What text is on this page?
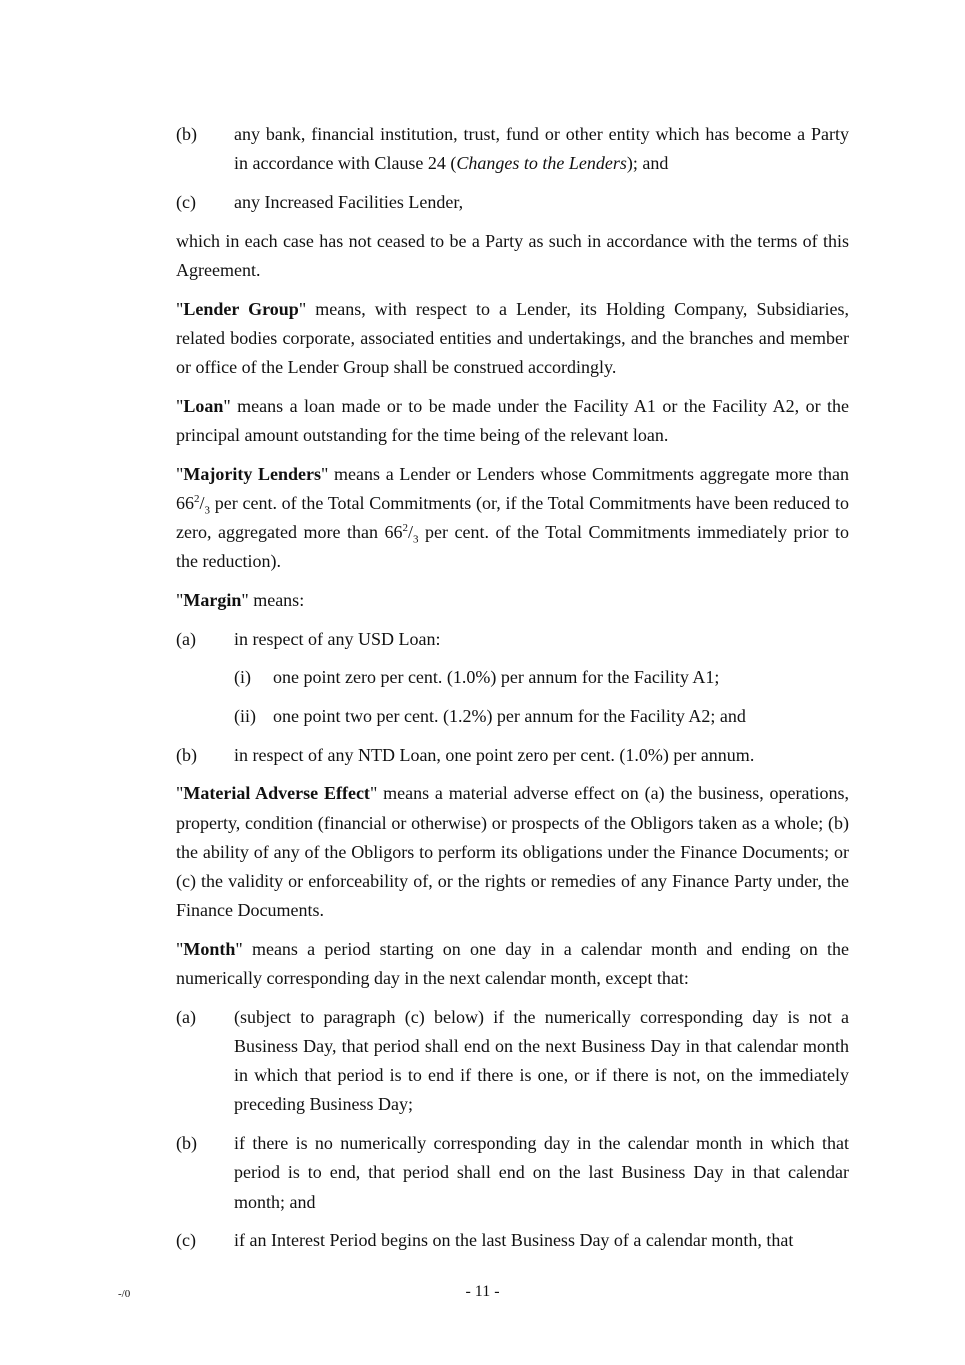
(b)	any bank, financial institution, trust, fund or other entity which has become a Party in accordance with Clause 24 (Changes to the Lenders); and
(c)	any Increased Facilities Lender,

which in each case has not ceased to be a Party as such in accordance with the terms of this Agreement.

"Lender Group" means, with respect to a Lender, its Holding Company, Subsidiaries, related bodies corporate, associated entities and undertakings, and the branches and member or office of the Lender Group shall be construed accordingly.

"Loan" means a loan made or to be made under the Facility A1 or the Facility A2, or the principal amount outstanding for the time being of the relevant loan.

"Majority Lenders" means a Lender or Lenders whose Commitments aggregate more than $66^2/_3$ per cent. of the Total Commitments (or, if the Total Commitments have been reduced to zero, aggregated more than $66^2/_3$ per cent. of the Total Commitments immediately prior to the reduction).

"Margin" means:

(a)	in respect of any USD Loan:
(i)	one point zero per cent. (1.0%) per annum for the Facility A1;
(ii) one point two per cent. (1.2%) per annum for the Facility A2; and
(b)	in respect of any NTD Loan, one point zero per cent. (1.0%) per annum.

"Material Adverse Effect" means a material adverse effect on (a) the business, operations, property, condition (financial or otherwise) or prospects of the Obligors taken as a whole; (b) the ability of any of the Obligors to perform its obligations under the Finance Documents; or (c) the validity or enforceability of, or the rights or remedies of any Finance Party under, the Finance Documents.

"Month" means a period starting on one day in a calendar month and ending on the numerically corresponding day in the next calendar month, except that:

(a)	(subject to paragraph (c) below) if the numerically corresponding day is not a Business Day, that period shall end on the next Business Day in that calendar month in which that period is to end if there is one, or if there is not, on the immediately preceding Business Day;
(b)	if there is no numerically corresponding day in the calendar month in which that period is to end, that period shall end on the last Business Day in that calendar month; and
(c)	if an Interest Period begins on the last Business Day of a calendar month, that
-/0	- 11 -
